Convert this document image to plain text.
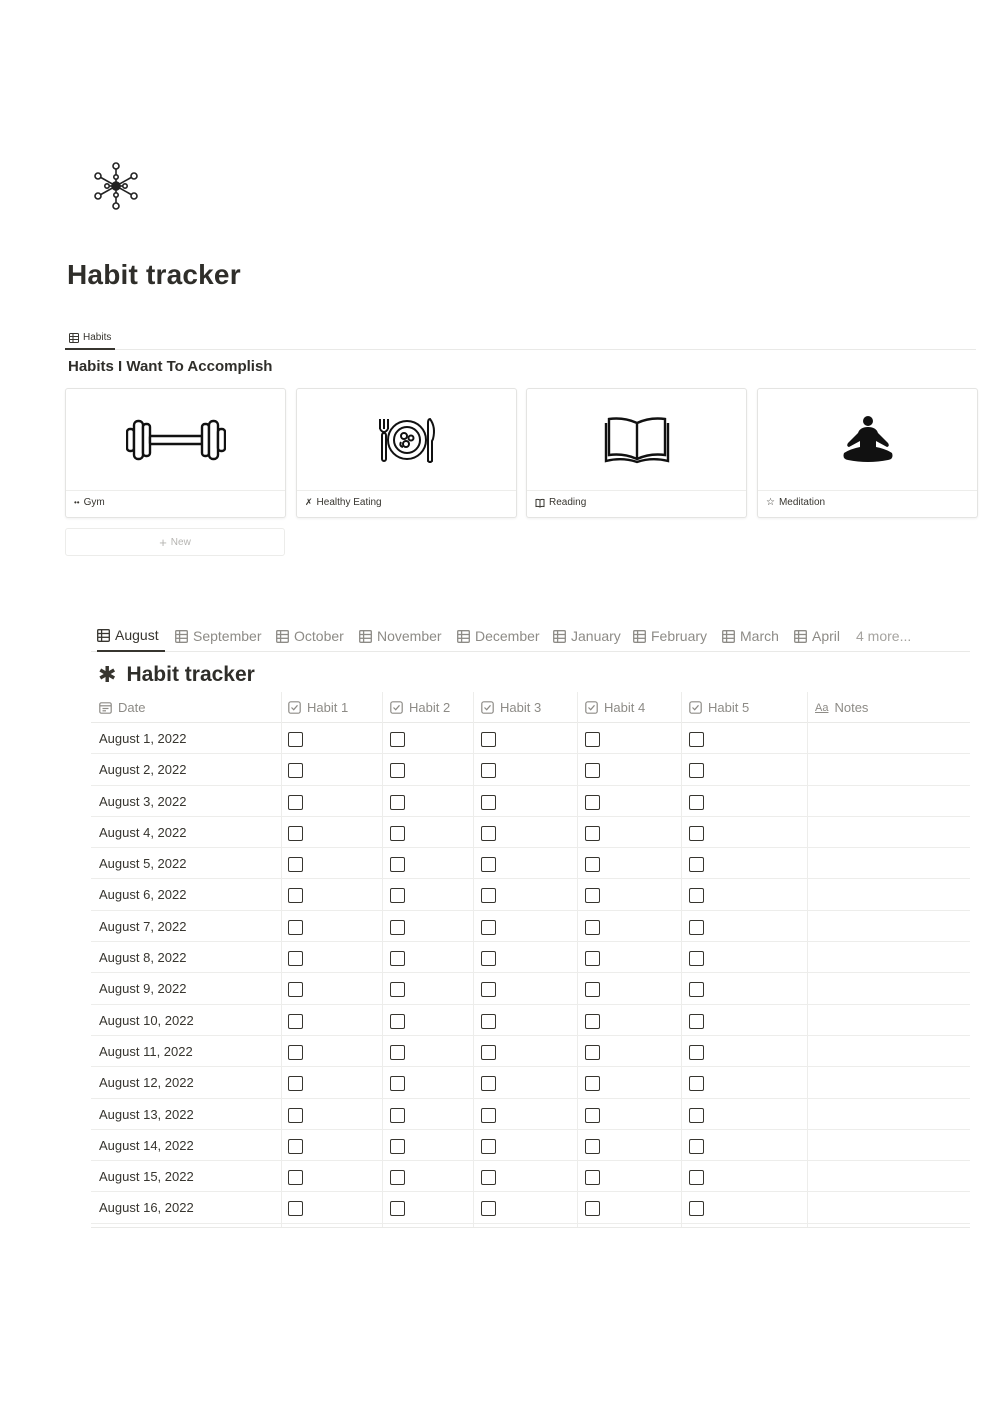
Habit tracker
Habits
Habits I Want To Accomplish
•• Gym	✗ Healthy Eating	Reading	☆ Meditation
+ New
August September October November December January February March April 4 more...
✱ Habit tracker
Date	Habit 1	Habit 2	Habit 3	Habit 4	Habit 5	Aa Notes
August 1, 2022
August 2, 2022
August 3, 2022
August 4, 2022
August 5, 2022
August 6, 2022
August 7, 2022
August 8, 2022
August 9, 2022
August 10, 2022
August 11, 2022
August 12, 2022
August 13, 2022
August 14, 2022
August 15, 2022
August 16, 2022
